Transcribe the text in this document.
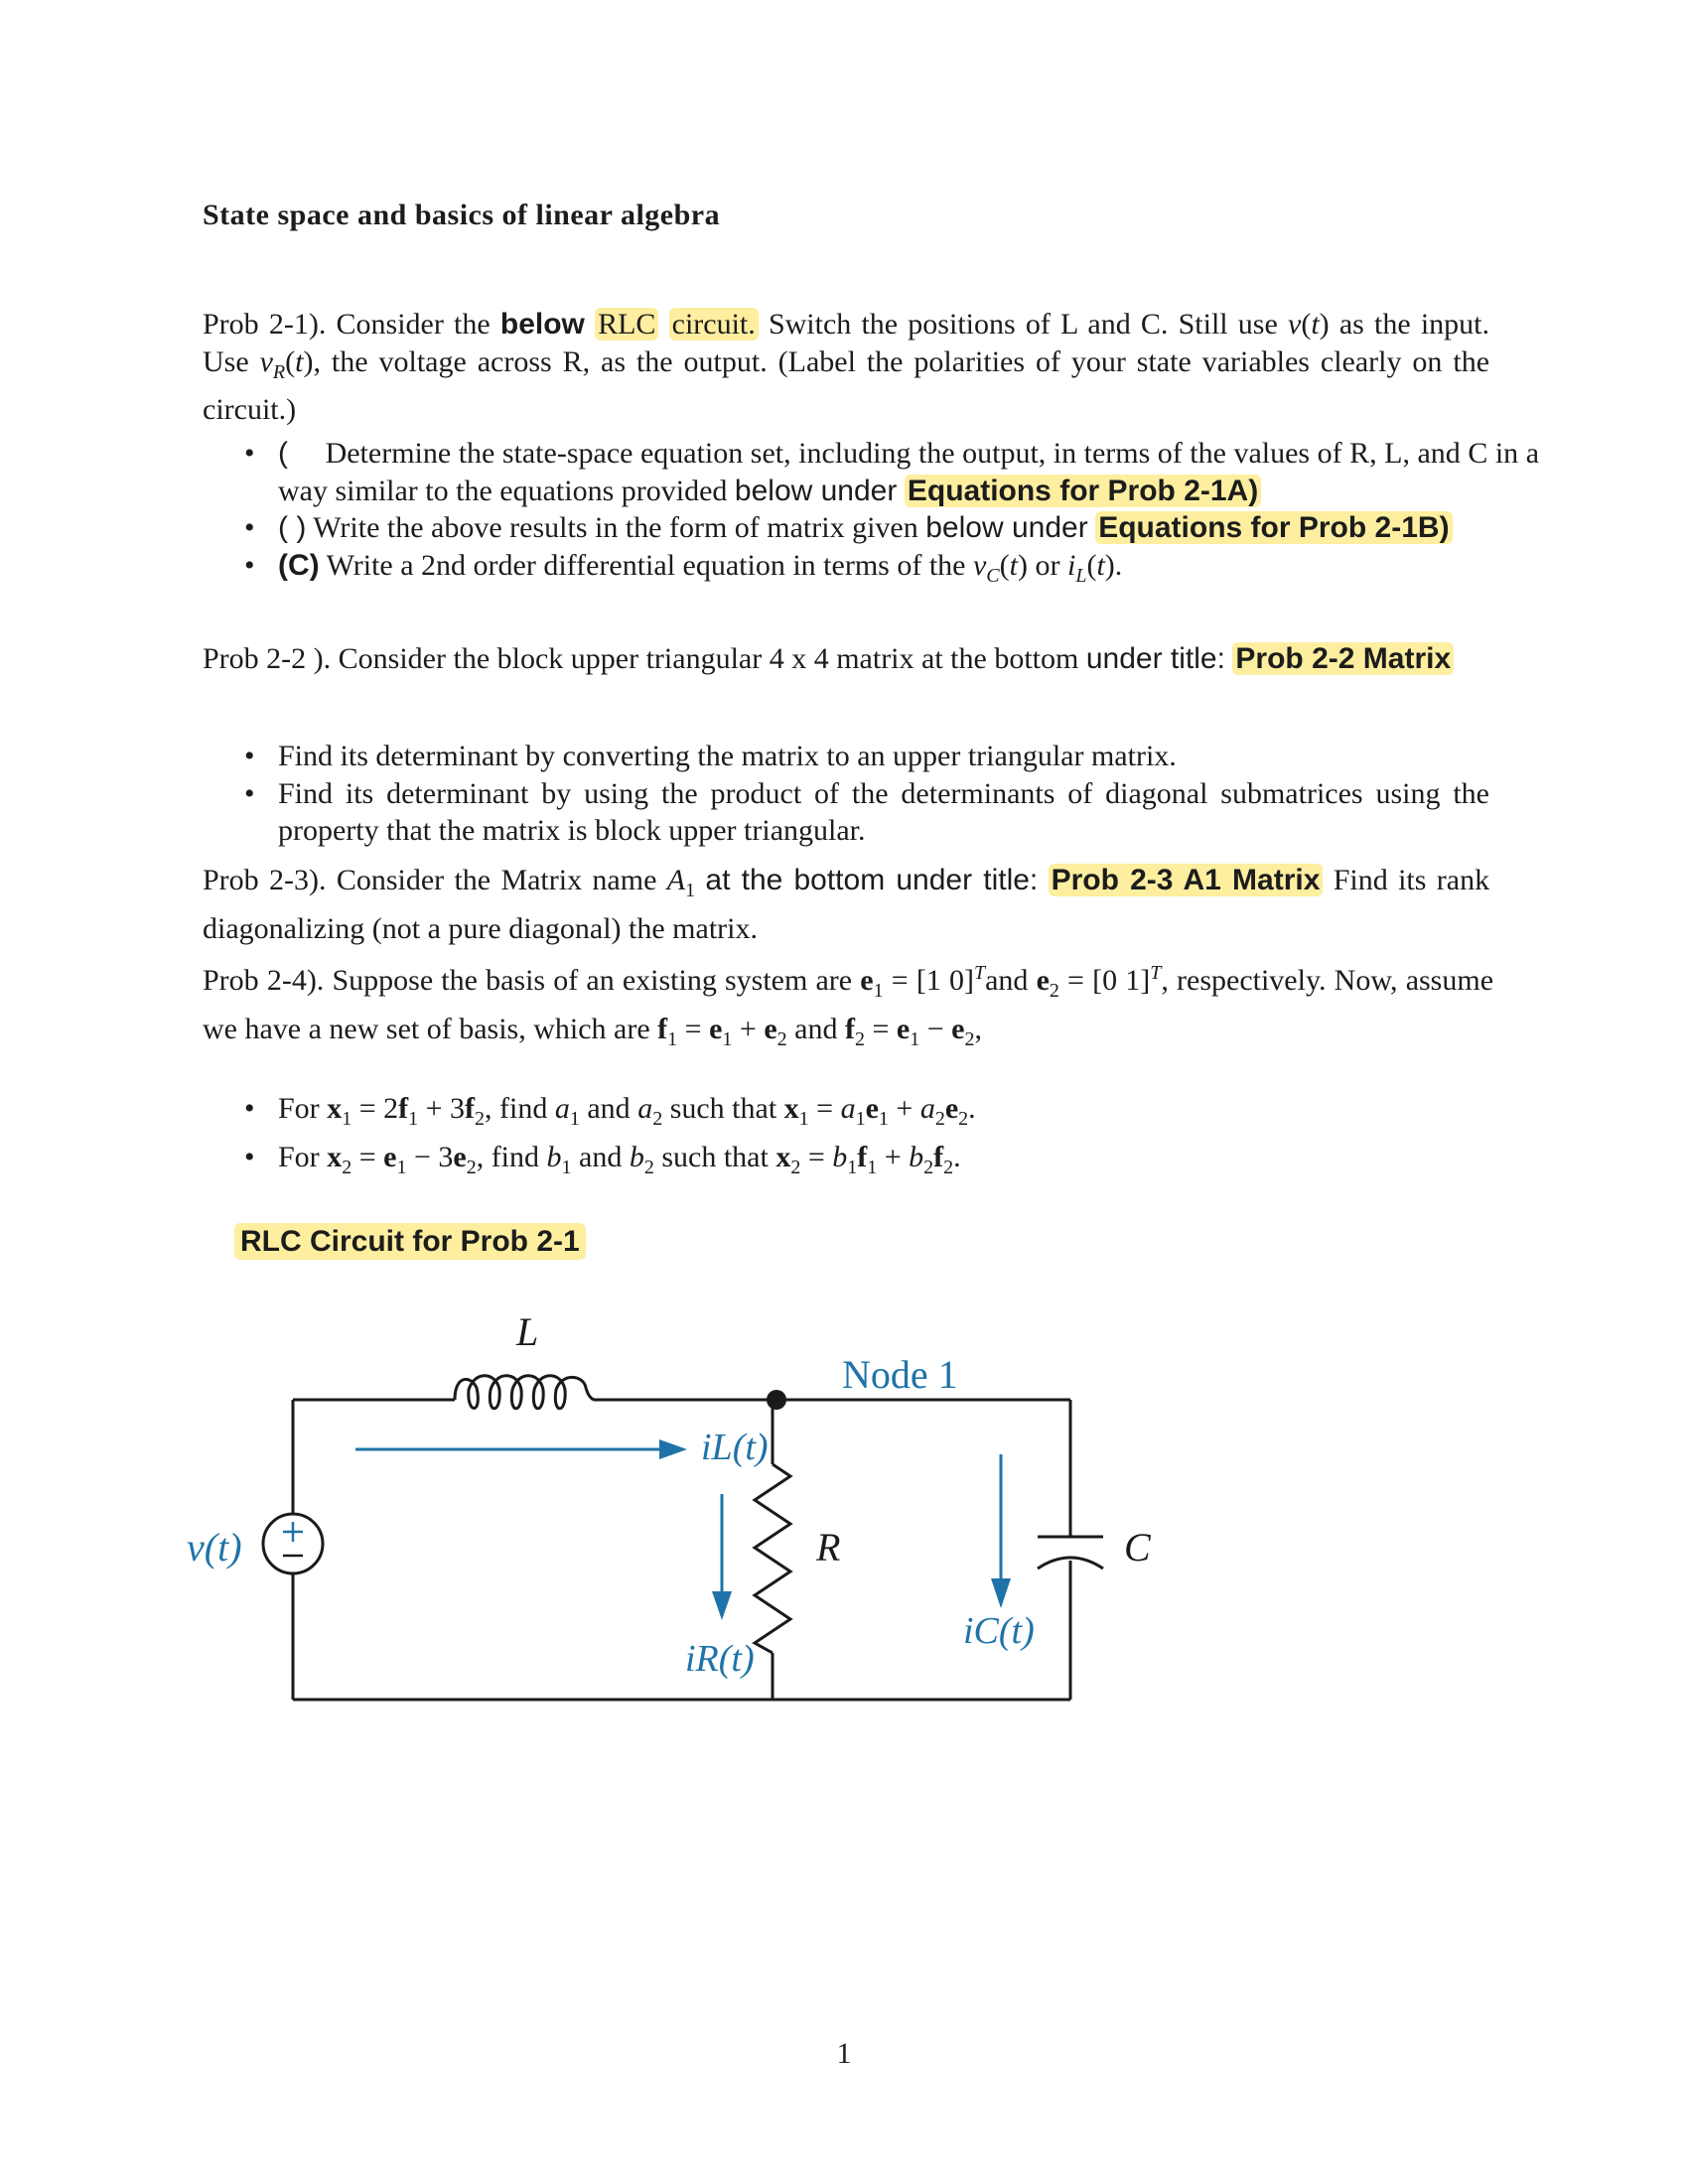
State space and basics of linear algebra
Prob 2-1). Consider the below RLC circuit. Switch the positions of L and C. Still use v(t) as the input. Use $v_R(t)$, the voltage across R, as the output. (Label the polarities of your state variables clearly on the circuit.)
• ( Determine the state-space equation set, including the output, in terms of the values of R, L, and C in a way similar to the equations provided below under Equations for Prob 2-1A)
• ( ) Write the above results in the form of matrix given below under Equations for Prob 2-1B)
• (C) Write a 2nd order differential equation in terms of the $v_C(t)$ or $i_L(t)$.
Prob 2-2 ). Consider the block upper triangular 4 x 4 matrix at the bottom under title: Prob 2-2 Matrix
• Find its determinant by converting the matrix to an upper triangular matrix.
• Find its determinant by using the product of the determinants of diagonal submatrices using the property that the matrix is block upper triangular.
Prob 2-3). Consider the Matrix name $A_1$ at the bottom under title: Prob 2-3 A1 Matrix Find its rank diagonalizing (not a pure diagonal) the matrix.
Prob 2-4). Suppose the basis of an existing system are $e_1 = [1$ 0]$^T$and $e_2 = [0$ 1]$^T$, respectively. Now, assume we have a new set of basis, which are $f_1 = e_1 + e_2$ and $f_2 = e_1 - e_2$,
• For $x_1 = 2f_1 + 3f_2$, find $a_1$ and $a_2$ such that $x_1 = a_1e_1 + a_2e_2$.
• For $x_2 = e_1 - 3e_2$, find $b_1$ and $b_2$ such that $x_2 = b_1f_1 + b_2f_2$.
RLC Circuit for Prob 2-1
L
Node 1
R	C
v(t)
iL(t)
iR(t)
iC(t)
1
